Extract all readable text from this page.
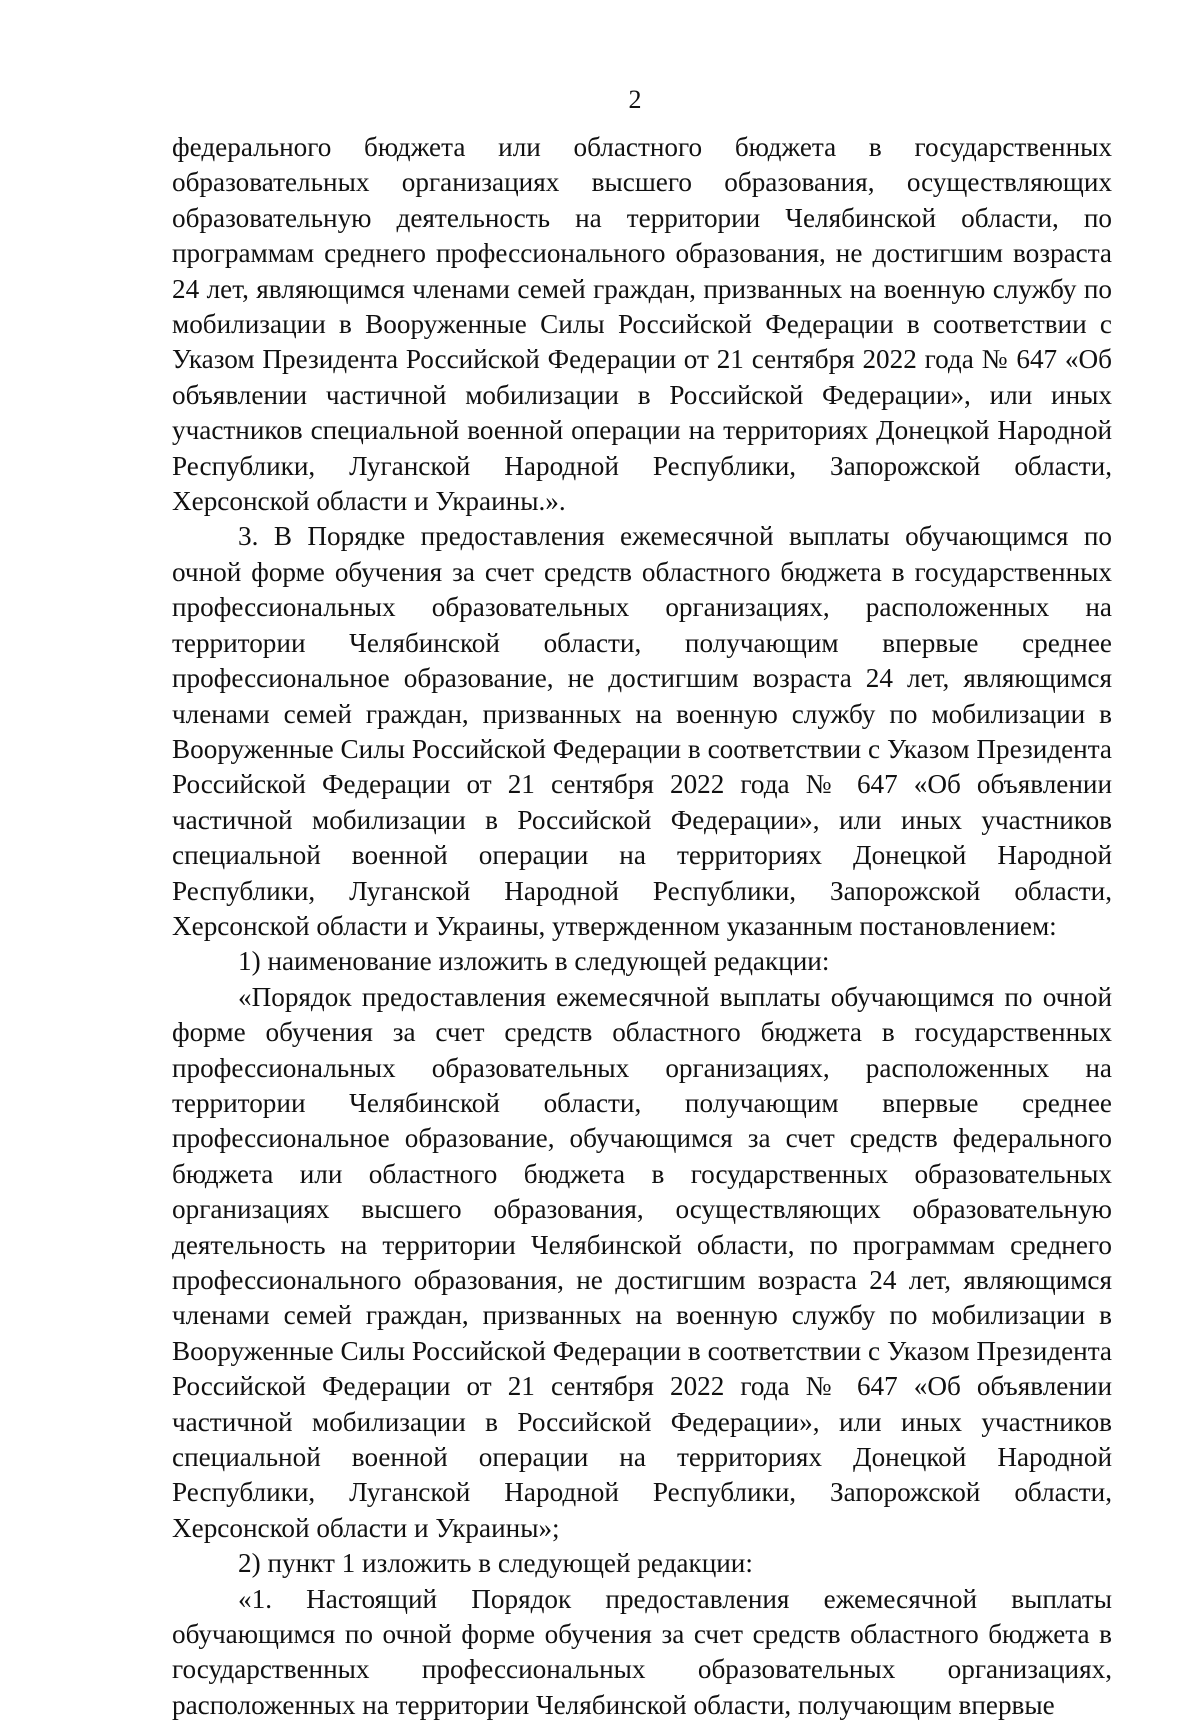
2

федерального бюджета или областного бюджета в государственных образовательных организациях высшего образования, осуществляющих образовательную деятельность на территории Челябинской области, по программам среднего профессионального образования, не достигшим возраста 24 лет, являющимся членами семей граждан, призванных на военную службу по мобилизации в Вооруженные Силы Российской Федерации в соответствии с Указом Президента Российской Федерации от 21 сентября 2022 года № 647 «Об объявлении частичной мобилизации в Российской Федерации», или иных участников специальной военной операции на территориях Донецкой Народной Республики, Луганской Народной Республики, Запорожской области, Херсонской области и Украины.».

3. В Порядке предоставления ежемесячной выплаты обучающимся по очной форме обучения за счет средств областного бюджета в государственных профессиональных образовательных организациях, расположенных на территории Челябинской области, получающим впервые среднее профессиональное образование, не достигшим возраста 24 лет, являющимся членами семей граждан, призванных на военную службу по мобилизации в Вооруженные Силы Российской Федерации в соответствии с Указом Президента Российской Федерации от 21 сентября 2022 года № 647 «Об объявлении частичной мобилизации в Российской Федерации», или иных участников специальной военной операции на территориях Донецкой Народной Республики, Луганской Народной Республики, Запорожской области, Херсонской области и Украины, утвержденном указанным постановлением:

1) наименование изложить в следующей редакции:

«Порядок предоставления ежемесячной выплаты обучающимся по очной форме обучения за счет средств областного бюджета в государственных профессиональных образовательных организациях, расположенных на территории Челябинской области, получающим впервые среднее профессиональное образование, обучающимся за счет средств федерального бюджета или областного бюджета в государственных образовательных организациях высшего образования, осуществляющих образовательную деятельность на территории Челябинской области, по программам среднего профессионального образования, не достигшим возраста 24 лет, являющимся членами семей граждан, призванных на военную службу по мобилизации в Вооруженные Силы Российской Федерации в соответствии с Указом Президента Российской Федерации от 21 сентября 2022 года № 647 «Об объявлении частичной мобилизации в Российской Федерации», или иных участников специальной военной операции на территориях Донецкой Народной Республики, Луганской Народной Республики, Запорожской области, Херсонской области и Украины»;

2) пункт 1 изложить в следующей редакции:

«1. Настоящий Порядок предоставления ежемесячной выплаты обучающимся по очной форме обучения за счет средств областного бюджета в государственных профессиональных образовательных организациях, расположенных на территории Челябинской области, получающим впервые
